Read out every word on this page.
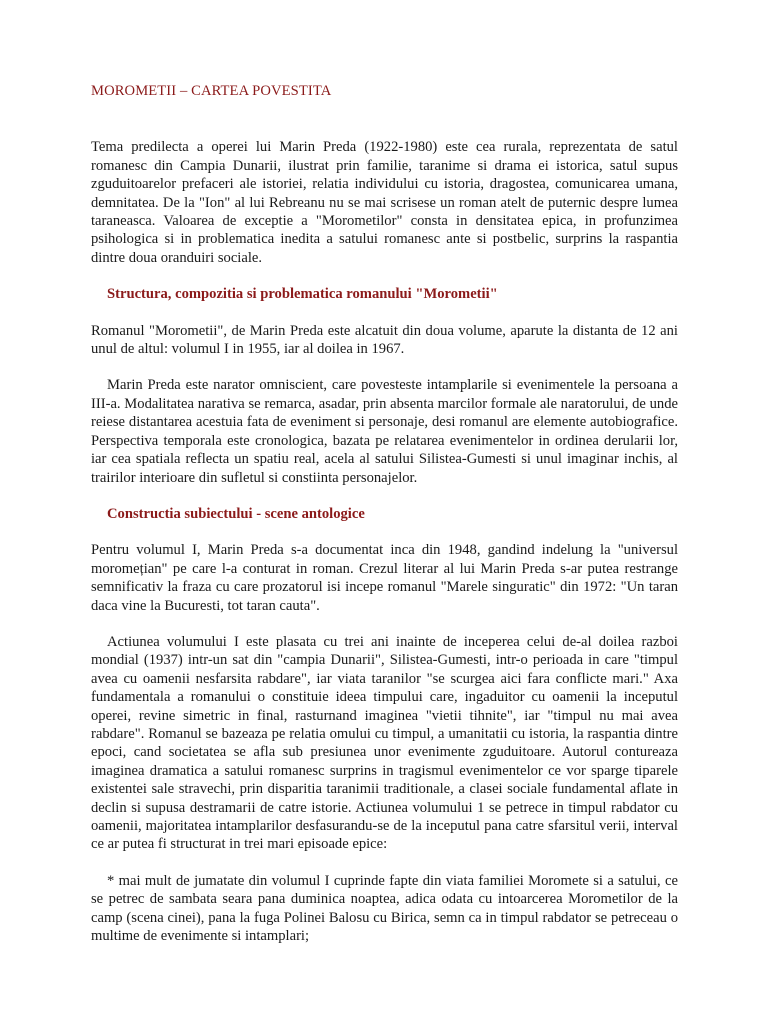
MOROMETII – CARTEA POVESTITA

Tema predilecta a operei lui Marin Preda (1922-1980) este cea rurala, reprezentata de satul romanesc din Campia Dunarii, ilustrat prin familie, taranime si drama ei istorica, satul supus zguduitoarelor prefaceri ale istoriei, relatia individului cu istoria, dragostea, comunicarea umana, demnitatea. De la "Ion" al lui Rebreanu nu se mai scrisese un roman atelt de puternic despre lumea taraneasca. Valoarea de exceptie a "Morometilor" consta in densitatea epica, in profunzimea psihologica si in problematica inedita a satului romanesc ante si postbelic, surprins la raspantia dintre doua oranduiri sociale.

Structura, compozitia si problematica romanului "Morometii"

Romanul "Morometii", de Marin Preda este alcatuit din doua volume, aparute la distanta de 12 ani unul de altul: volumul I in 1955, iar al doilea in 1967.

Marin Preda este narator omniscient, care povesteste intamplarile si evenimentele la persoana a III-a. Modalitatea narativa se remarca, asadar, prin absenta marcilor formale ale naratorului, de unde reiese distantarea acestuia fata de eveniment si personaje, desi romanul are elemente autobiografice. Perspectiva temporala este cronologica, bazata pe relatarea evenimentelor in ordinea derularii lor, iar cea spatiala reflecta un spatiu real, acela al satului Silistea-Gumesti si unul imaginar inchis, al trairilor interioare din sufletul si constiinta personajelor.

Constructia subiectului - scene antologice

Pentru volumul I, Marin Preda s-a documentat inca din 1948, gandind indelung la "universul moromețian" pe care l-a conturat in roman. Crezul literar al lui Marin Preda s-ar putea restrange semnificativ la fraza cu care prozatorul isi incepe romanul "Marele singuratic" din 1972: "Un taran daca vine la Bucuresti, tot taran cauta".

Actiunea volumului I este plasata cu trei ani inainte de inceperea celui de-al doilea razboi mondial (1937) intr-un sat din "campia Dunarii", Silistea-Gumesti, intr-o perioada in care "timpul avea cu oamenii nesfarsita rabdare", iar viata taranilor "se scurgea aici fara conflicte mari." Axa fundamentala a romanului o constituie ideea timpului care, ingaduitor cu oamenii la inceputul operei, revine simetric in final, rasturnand imaginea "vietii tihnite", iar "timpul nu mai avea rabdare". Romanul se bazeaza pe relatia omului cu timpul, a umanitatii cu istoria, la raspantia dintre epoci, cand societatea se afla sub presiunea unor evenimente zguduitoare. Autorul contureaza imaginea dramatica a satului romanesc surprins in tragismul evenimentelor ce vor sparge tiparele existentei sale stravechi, prin disparitia taranimii traditionale, a clasei sociale fundamental aflate in declin si supusa destramarii de catre istorie. Actiunea volumului 1 se petrece in timpul rabdator cu oamenii, majoritatea intamplarilor desfasurandu-se de la inceputul pana catre sfarsitul verii, interval ce ar putea fi structurat in trei mari episoade epice:

* mai mult de jumatate din volumul I cuprinde fapte din viata familiei Moromete si a satului, ce se petrec de sambata seara pana duminica noaptea, adica odata cu intoarcerea Morometilor de la camp (scena cinei), pana la fuga Polinei Balosu cu Birica, semn ca in timpul rabdator se petreceau o multime de evenimente si intamplari;
